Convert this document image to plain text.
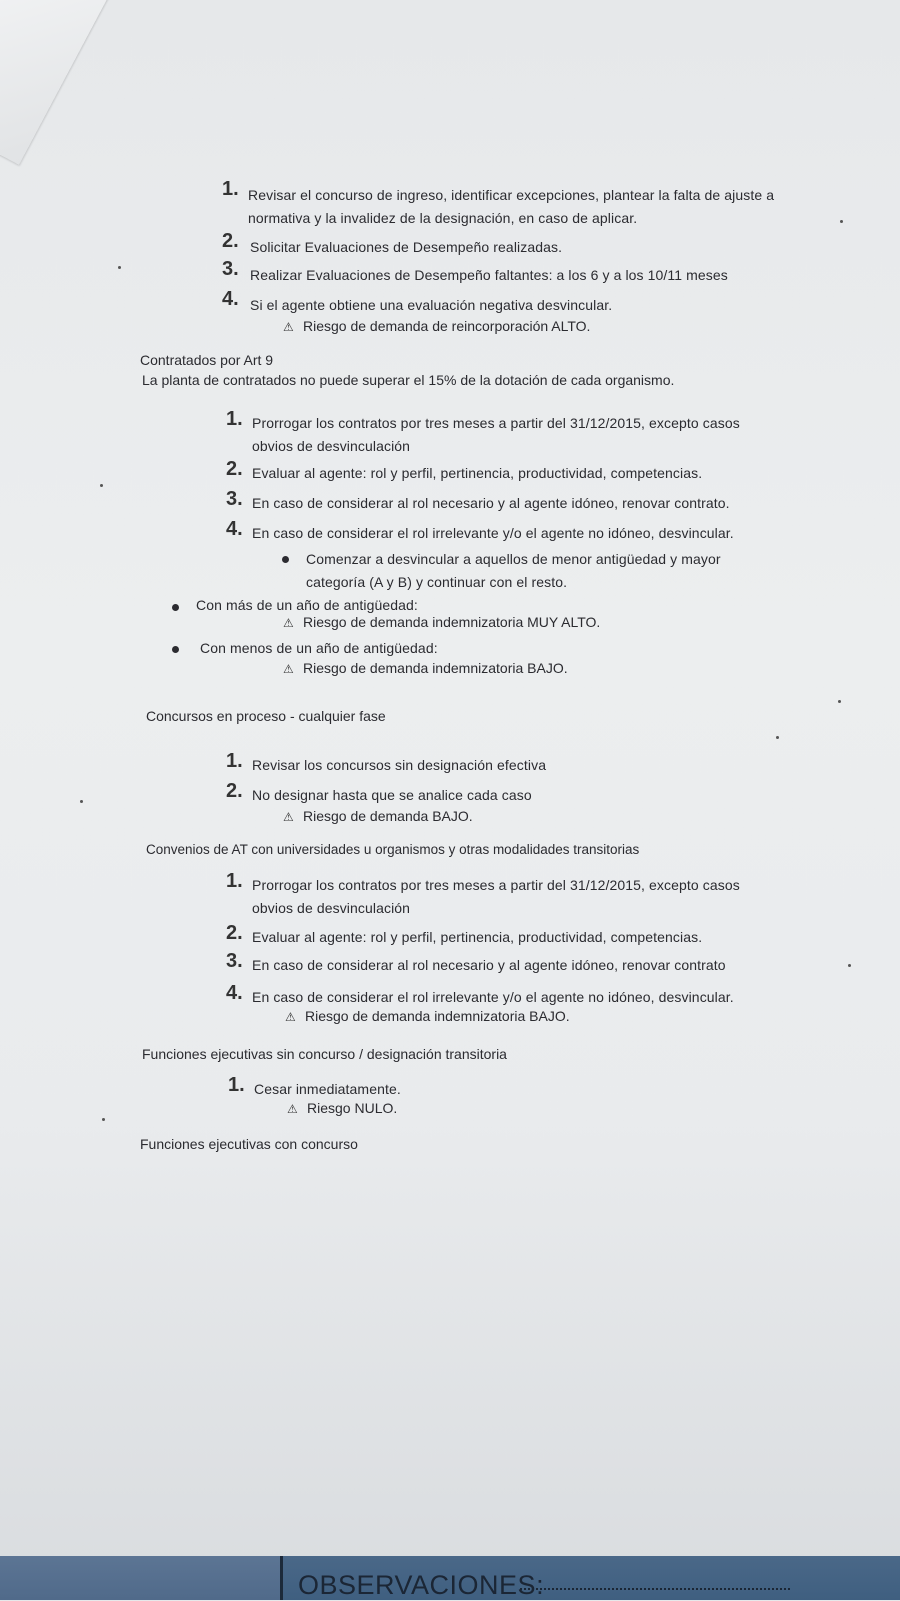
1. Revisar el concurso de ingreso, identificar excepciones, plantear la falta de ajuste a
normativa y la invalidez de la designación, en caso de aplicar.
2. Solicitar Evaluaciones de Desempeño realizadas.
3. Realizar Evaluaciones de Desempeño faltantes: a los 6 y a los 10/11 meses
4. Si el agente obtiene una evaluación negativa desvincular.
⚠ Riesgo de demanda de reincorporación ALTO.
Contratados por Art 9
La planta de contratados no puede superar el 15% de la dotación de cada organismo.
1. Prorrogar los contratos por tres meses a partir del 31/12/2015, excepto casos
obvios de desvinculación
2. Evaluar al agente: rol y perfil, pertinencia, productividad, competencias.
3. En caso de considerar al rol necesario y al agente idóneo, renovar contrato.
4. En caso de considerar el rol irrelevante y/o el agente no idóneo, desvincular.
Comenzar a desvincular a aquellos de menor antigüedad y mayor
categoría (A y B) y continuar con el resto.
Con más de un año de antigüedad:
⚠ Riesgo de demanda indemnizatoria MUY ALTO.
Con menos de un año de antigüedad:
⚠ Riesgo de demanda indemnizatoria BAJO.
Concursos en proceso - cualquier fase
1. Revisar los concursos sin designación efectiva
2. No designar hasta que se analice cada caso
⚠ Riesgo de demanda BAJO.
Convenios de AT con universidades u organismos y otras modalidades transitorias
1. Prorrogar los contratos por tres meses a partir del 31/12/2015, excepto casos
obvios de desvinculación
2. Evaluar al agente: rol y perfil, pertinencia, productividad, competencias.
3. En caso de considerar al rol necesario y al agente idóneo, renovar contrato
4. En caso de considerar el rol irrelevante y/o el agente no idóneo, desvincular.
⚠ Riesgo de demanda indemnizatoria BAJO.
Funciones ejecutivas sin concurso / designación transitoria
1. Cesar inmediatamente.
⚠ Riesgo NULO.
Funciones ejecutivas con concurso
OBSERVACIONES:
